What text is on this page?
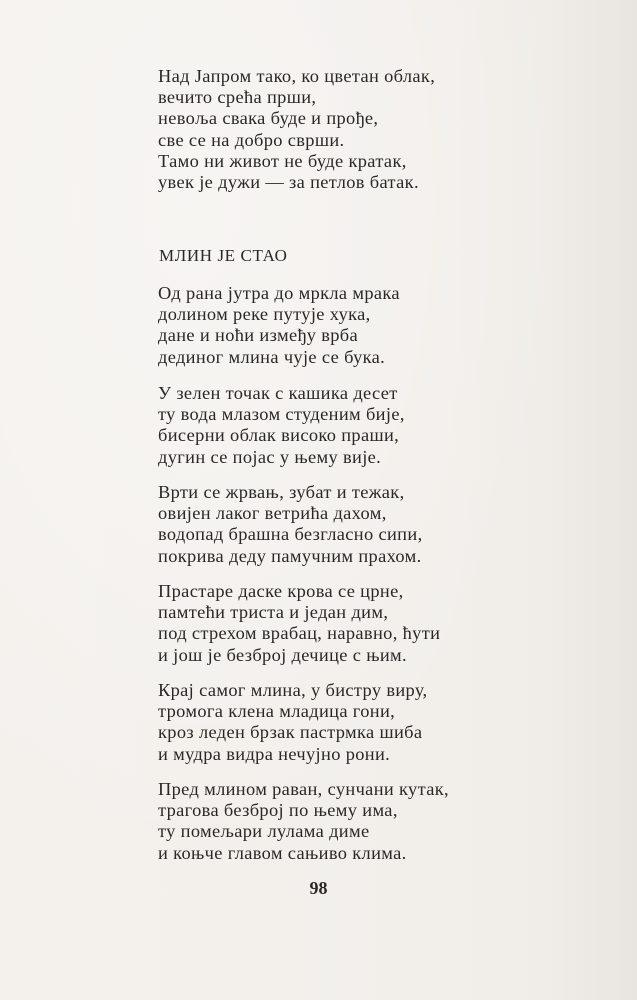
Над Јапром тако, ко цветан облак,
вечито срећа прши,
невоља свака буде и прође,
све се на добро сврши.
Тамо ни живот не буде кратак,
увек је дужи — за петлов батак.
МЛИН ЈЕ СТАО
Од рана јутра до мркла мрака
долином реке путује хука,
дане и ноћи између врба
дединог млина чује се бука.
У зелен точак с кашика десет
ту вода млазом студеним бије,
бисерни облак високо праши,
дугин се појас у њему вије.
Врти се жрвањ, зубат и тежак,
овијен лаког ветрића дахом,
водопад брашна безгласно сипи,
покрива деду памучним прахом.
Прастаре даске крова се црне,
памтећи триста и један дим,
под стрехом врабац, наравно, ћути
и још је безброј дечице с њим.
Крај самог млина, у бистру виру,
тромога клена младица гони,
кроз леден брзак пастрмка шиба
и мудра видра нечујно рони.
Пред млином раван, сунчани кутак,
трагова безброј по њему има,
ту помељари лулама диме
и коњче главом сањиво клима.
98
